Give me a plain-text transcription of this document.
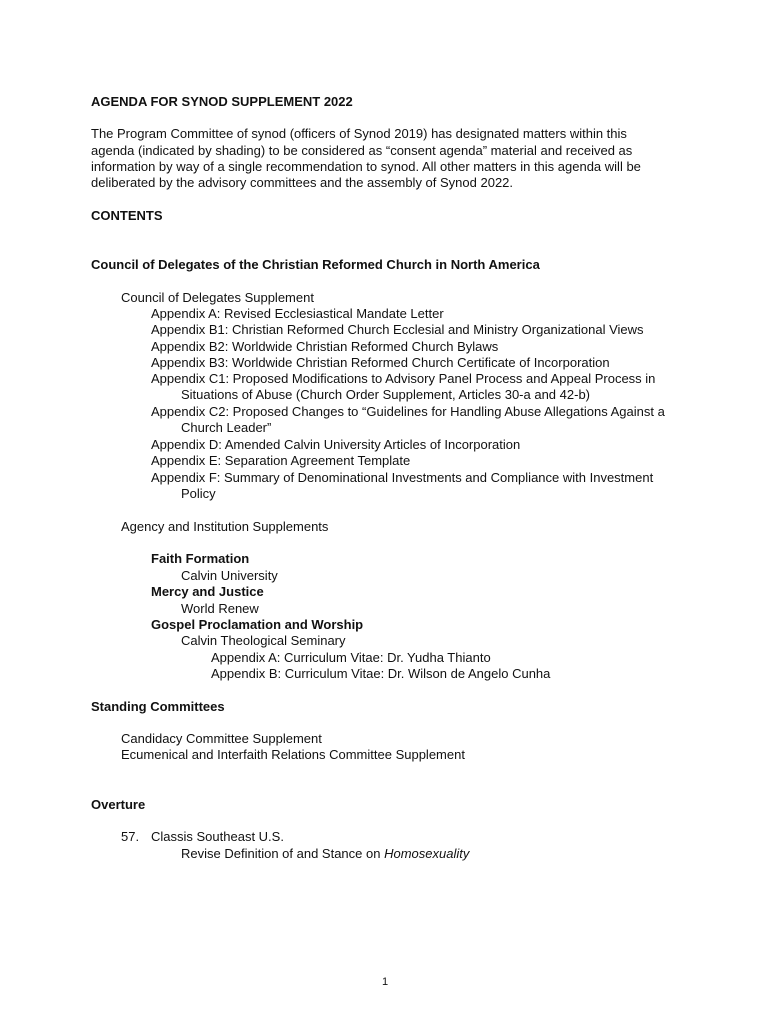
AGENDA FOR SYNOD SUPPLEMENT 2022
The Program Committee of synod (officers of Synod 2019) has designated matters within this
agenda (indicated by shading) to be considered as “consent agenda” material and received as
information by way of a single recommendation to synod. All other matters in this agenda will be
deliberated by the advisory committees and the assembly of Synod 2022.
CONTENTS
Council of Delegates of the Christian Reformed Church in North America
Council of Delegates Supplement
Appendix A: Revised Ecclesiastical Mandate Letter
Appendix B1: Christian Reformed Church Ecclesial and Ministry Organizational Views
Appendix B2: Worldwide Christian Reformed Church Bylaws
Appendix B3: Worldwide Christian Reformed Church Certificate of Incorporation
Appendix C1: Proposed Modifications to Advisory Panel Process and Appeal Process in
Situations of Abuse (Church Order Supplement, Articles 30-a and 42-b)
Appendix C2: Proposed Changes to “Guidelines for Handling Abuse Allegations Against a
Church Leader”
Appendix D: Amended Calvin University Articles of Incorporation
Appendix E: Separation Agreement Template
Appendix F: Summary of Denominational Investments and Compliance with Investment
Policy
Agency and Institution Supplements
Faith Formation
Calvin University
Mercy and Justice
World Renew
Gospel Proclamation and Worship
Calvin Theological Seminary
Appendix A: Curriculum Vitae: Dr. Yudha Thianto
Appendix B: Curriculum Vitae: Dr. Wilson de Angelo Cunha
Standing Committees
Candidacy Committee Supplement
Ecumenical and Interfaith Relations Committee Supplement
Overture
57. Classis Southeast U.S.
Revise Definition of and Stance on Homosexuality
1
